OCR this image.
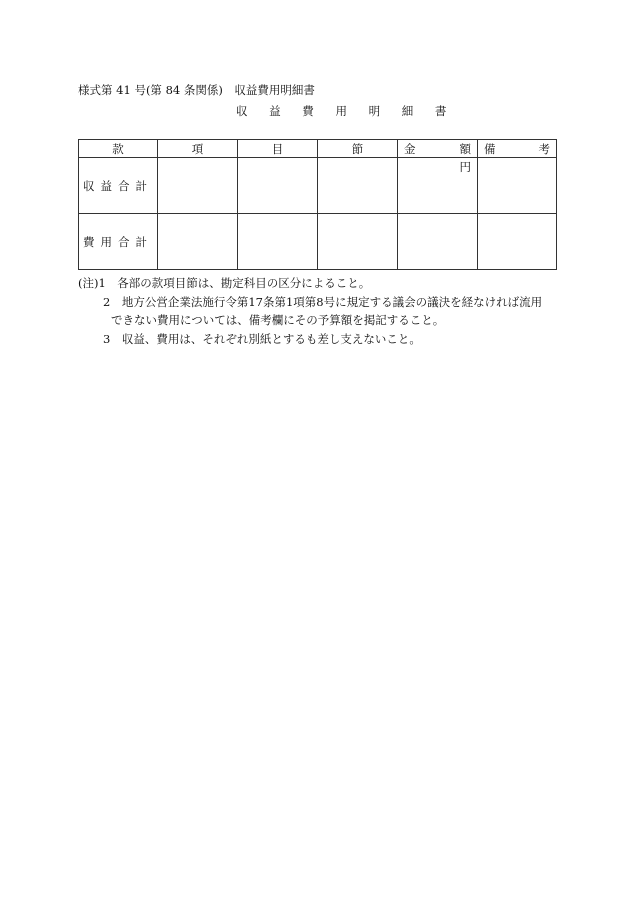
様式第 41 号(第 84 条関係)　収益費用明細書
収 益 費 用 明 細 書
款	項	目	節	金 額	備 考

収益合計				円	
費用合計					
(注)1　各部の款項目節は、勘定科目の区分によること。
2　地方公営企業法施行令第17条第1項第8号に規定する議会の議決を経なければ流用
できない費用については、備考欄にその予算額を掲記すること。
3　収益、費用は、それぞれ別紙とするも差し支えないこと。
